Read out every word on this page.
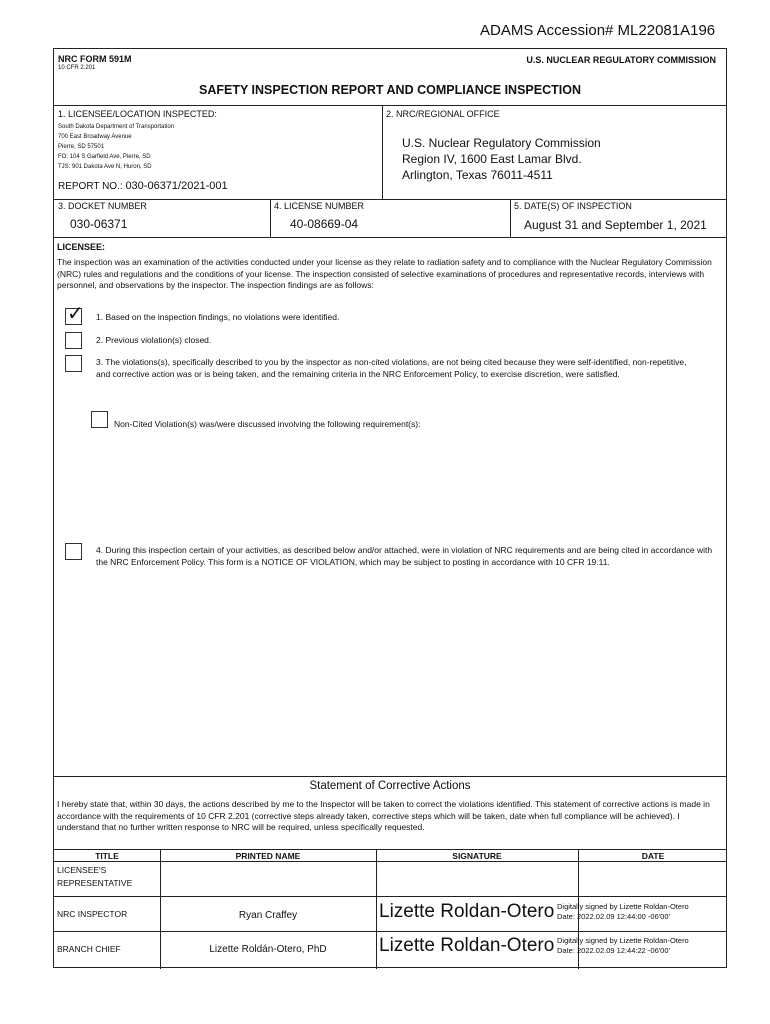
ADAMS Accession# ML22081A196
NRC FORM 591M
10 CFR 2.201
U.S. NUCLEAR REGULATORY COMMISSION
SAFETY INSPECTION REPORT AND COMPLIANCE INSPECTION
1. LICENSEE/LOCATION INSPECTED:
South Dakota Department of Transportation
700 East Broadway Avenue
Pierre, SD 57501
FO: 104 S Garfield Ave, Pierre, SD
TJS: 901 Dakota Ave N, Huron, SD
REPORT NO.: 030-06371/2021-001
2. NRC/REGIONAL OFFICE
U.S. Nuclear Regulatory Commission
Region IV, 1600 East Lamar Blvd.
Arlington, Texas 76011-4511
3. DOCKET NUMBER
030-06371
4. LICENSE NUMBER
40-08669-04
5. DATE(S) OF INSPECTION
August 31 and September 1, 2021
LICENSEE:
The inspection was an examination of the activities conducted under your license as they relate to radiation safety and to compliance with the Nuclear Regulatory Commission (NRC) rules and regulations and the conditions of your license. The inspection consisted of selective examinations of procedures and representative records, interviews with personnel, and observations by the inspector. The inspection findings are as follows:
✓ 1. Based on the inspection findings, no violations were identified.
2. Previous violation(s) closed.
3. The violations(s), specifically described to you by the inspector as non-cited violations, are not being cited because they were self-identified, non-repetitive, and corrective action was or is being taken, and the remaining criteria in the NRC Enforcement Policy, to exercise discretion, were satisfied.
Non-Cited Violation(s) was/were discussed involving the following requirement(s):
4. During this inspection certain of your activities, as described below and/or attached, were in violation of NRC requirements and are being cited in accordance with the NRC Enforcement Policy. This form is a NOTICE OF VIOLATION, which may be subject to posting in accordance with 10 CFR 19.11.
Statement of Corrective Actions
I hereby state that, within 30 days, the actions described by me to the Inspector will be taken to correct the violations identified. This statement of corrective actions is made in accordance with the requirements of 10 CFR 2.201 (corrective steps already taken, corrective steps which will be taken, date when full compliance will be achieved). I understand that no further written response to NRC will be required, unless specifically requested.
TITLE	PRINTED NAME	SIGNATURE	DATE
LICENSEE'S REPRESENTATIVE
NRC INSPECTOR	Ryan Craffey	Lizette Roldan-Otero Digitally signed by Lizette Roldan-Otero
Date: 2022.02.09 12:44:00 -06'00'
BRANCH CHIEF	Lizette Roldán-Otero, PhD	Lizette Roldan-Otero Digitally signed by Lizette Roldan-Otero
Date: 2022.02.09 12:44:22 -06'00'
